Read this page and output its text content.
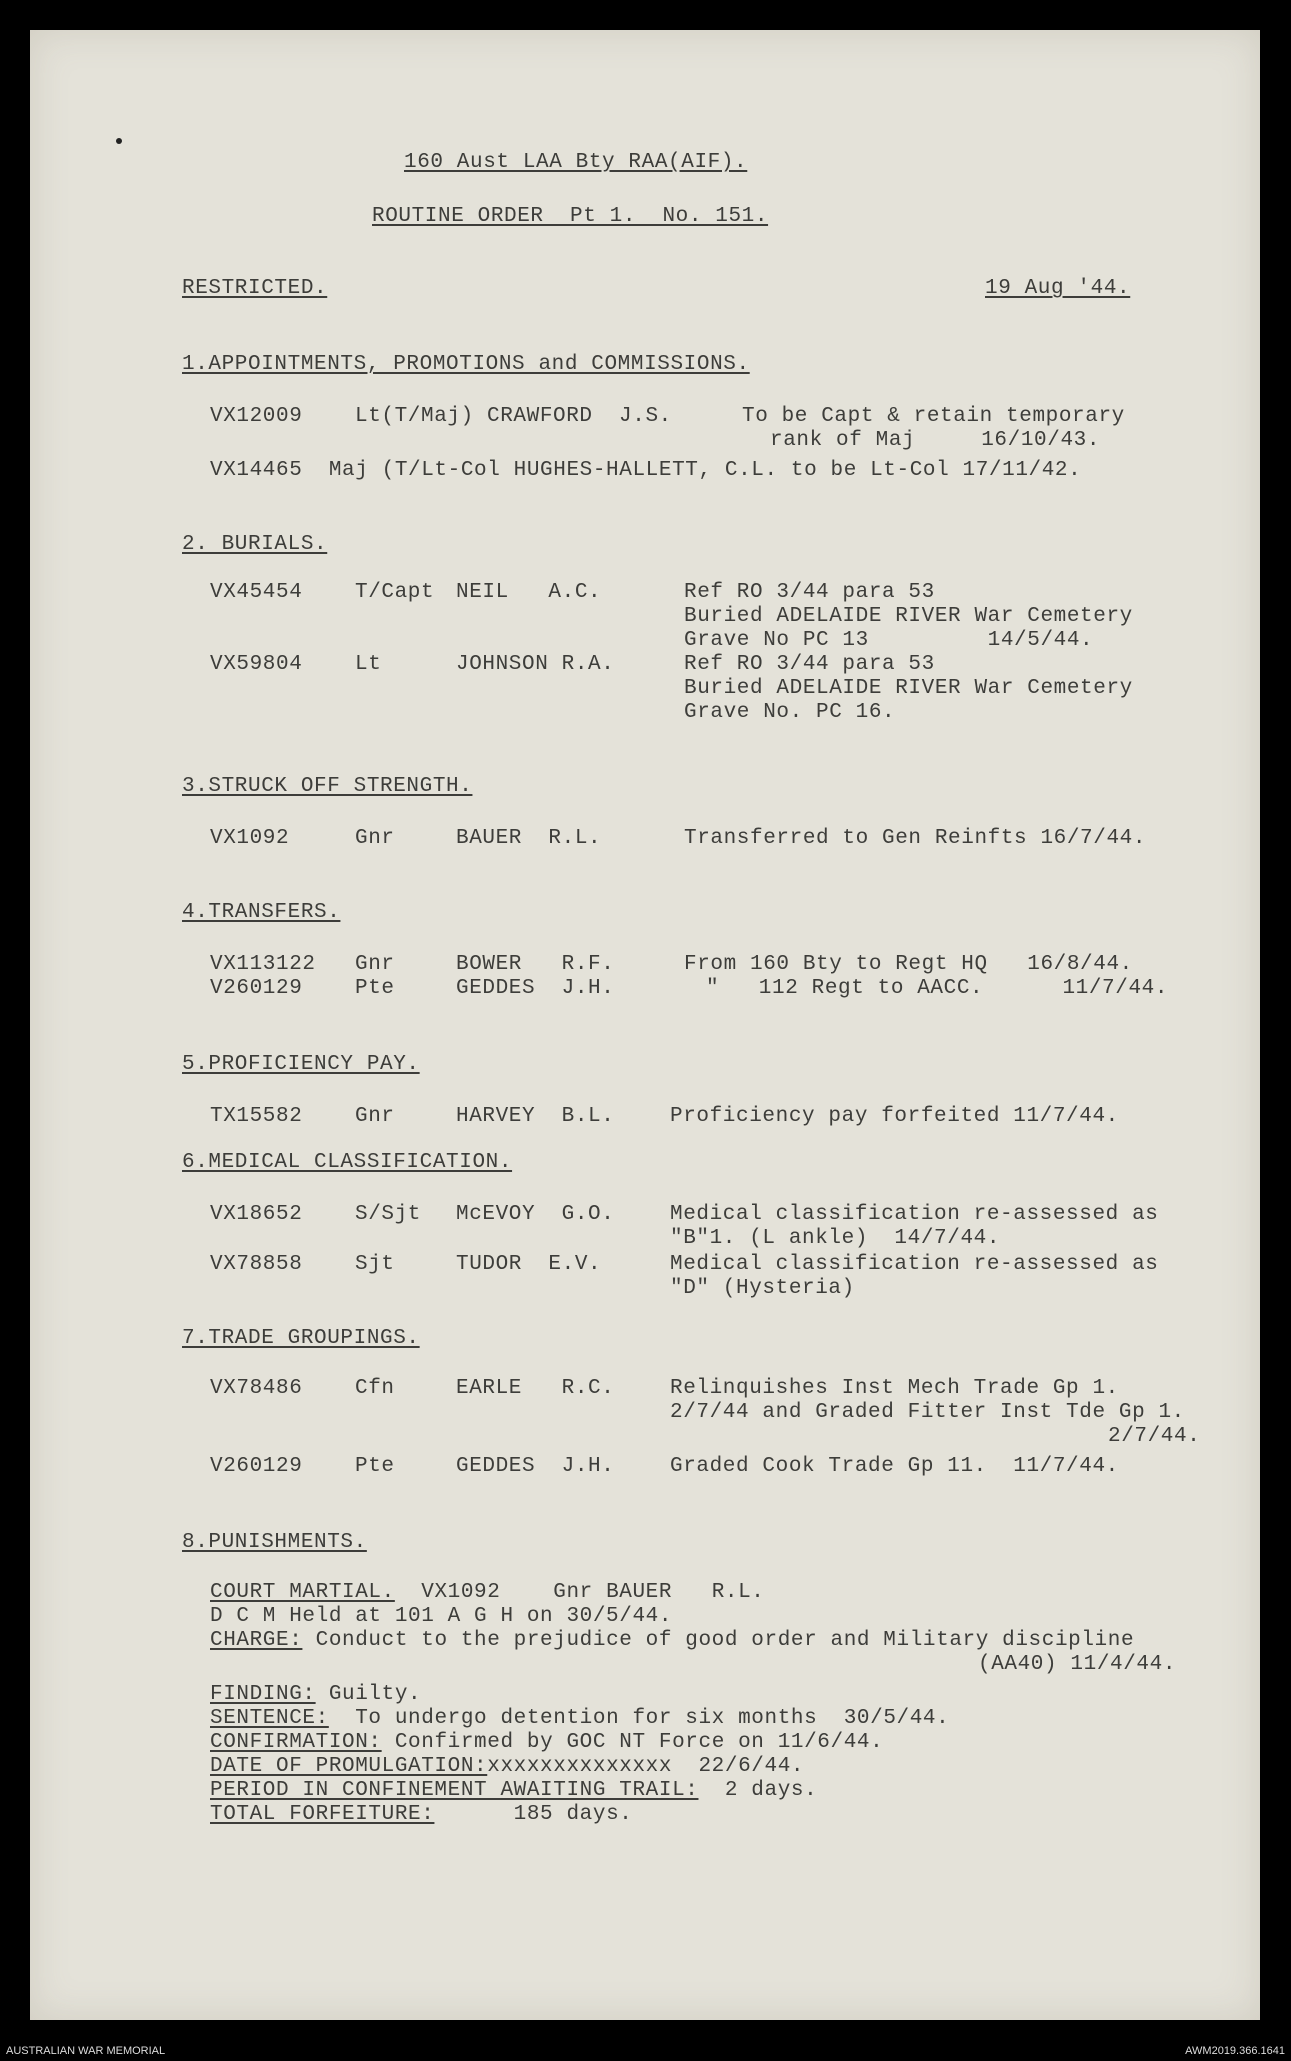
160 Aust LAA Bty RAA(AIF).
ROUTINE ORDER  Pt 1.  No. 151.
RESTRICTED.	19 Aug '44.
1.APPOINTMENTS, PROMOTIONS and COMMISSIONS.
VX12009	Lt(T/Maj) CRAWFORD  J.S.	To be Capt & retain temporary
rank of Maj     16/10/43.
VX14465  Maj (T/Lt-Col HUGHES-HALLETT, C.L. to be Lt-Col 17/11/42.
2. BURIALS.
VX45454	T/Capt NEIL   A.C.	Ref RO 3/44 para 53
Buried ADELAIDE RIVER War Cemetery
Grave No PC 13         14/5/44.
VX59804	Lt	JOHNSON R.A.	Ref RO 3/44 para 53
Buried ADELAIDE RIVER War Cemetery
Grave No. PC 16.
3.STRUCK OFF STRENGTH.
VX1092	Gnr	BAUER  R.L.	Transferred to Gen Reinfts 16/7/44.
4.TRANSFERS.
VX113122 Gnr	BOWER   R.F.	From 160 Bty to Regt HQ   16/8/44.
V260129	Pte	GEDDES  J.H.	"   112 Regt to AACC.      11/7/44.
5.PROFICIENCY PAY.
TX15582	Gnr	HARVEY  B.L.	Proficiency pay forfeited 11/7/44.
6.MEDICAL CLASSIFICATION.
VX18652	S/Sjt McEVOY  G.O.	Medical classification re-assessed as
"B"1. (L ankle)  14/7/44.
VX78858	Sjt	TUDOR  E.V.	Medical classification re-assessed as
"D" (Hysteria)
7.TRADE GROUPINGS.
VX78486	Cfn	EARLE   R.C.	Relinquishes Inst Mech Trade Gp 1.
2/7/44 and Graded Fitter Inst Tde Gp 1.
2/7/44.
V260129	Pte	GEDDES  J.H.	Graded Cook Trade Gp 11.  11/7/44.
8.PUNISHMENTS.
COURT MARTIAL.  VX1092    Gnr BAUER   R.L.
D C M Held at 101 A G H on 30/5/44.
CHARGE: Conduct to the prejudice of good order and Military discipline
(AA40) 11/4/44.
FINDING: Guilty.
SENTENCE:  To undergo detention for six months  30/5/44.
CONFIRMATION: Confirmed by GOC NT Force on 11/6/44.
DATE OF PROMULGATION:xxxxxxxxxxxxxx  22/6/44.
PERIOD IN CONFINEMENT AWAITING TRAIL:  2 days.
TOTAL FORFEITURE:      185 days.
AUSTRALIAN WAR MEMORIAL	AWM2019.366.1641
